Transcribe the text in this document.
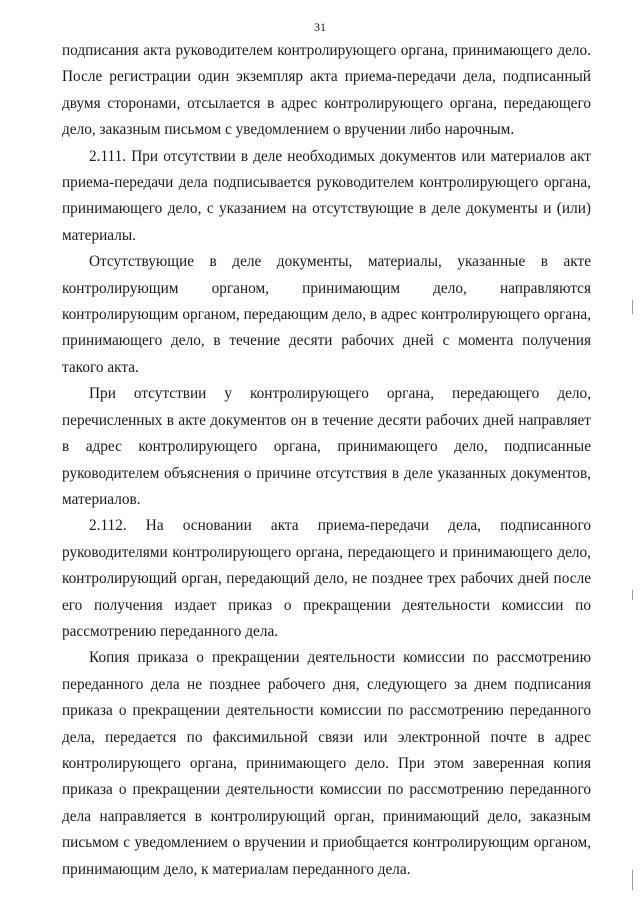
31

подписания акта руководителем контролирующего органа, принимающего дело. После регистрации один экземпляр акта приема-передачи дела, подписанный двумя сторонами, отсылается в адрес контролирующего органа, передающего дело, заказным письмом с уведомлением о вручении либо нарочным.

2.111. При отсутствии в деле необходимых документов или материалов акт приема-передачи дела подписывается руководителем контролирующего органа, принимающего дело, с указанием на отсутствующие в деле документы и (или) материалы.

Отсутствующие в деле документы, материалы, указанные в акте контролирующим органом, принимающим дело, направляются контролирующим органом, передающим дело, в адрес контролирующего органа, принимающего дело, в течение десяти рабочих дней с момента получения такого акта.

При отсутствии у контролирующего органа, передающего дело, перечисленных в акте документов он в течение десяти рабочих дней направляет в адрес контролирующего органа, принимающего дело, подписанные руководителем объяснения о причине отсутствия в деле указанных документов, материалов.

2.112. На основании акта приема-передачи дела, подписанного руководителями контролирующего органа, передающего и принимающего дело, контролирующий орган, передающий дело, не позднее трех рабочих дней после его получения издает приказ о прекращении деятельности комиссии по рассмотрению переданного дела.

Копия приказа о прекращении деятельности комиссии по рассмотрению переданного дела не позднее рабочего дня, следующего за днем подписания приказа о прекращении деятельности комиссии по рассмотрению переданного дела, передается по факсимильной связи или электронной почте в адрес контролирующего органа, принимающего дело. При этом заверенная копия приказа о прекращении деятельности комиссии по рассмотрению переданного дела направляется в контролирующий орган, принимающий дело, заказным письмом с уведомлением о вручении и приобщается контролирующим органом, принимающим дело, к материалам переданного дела.
